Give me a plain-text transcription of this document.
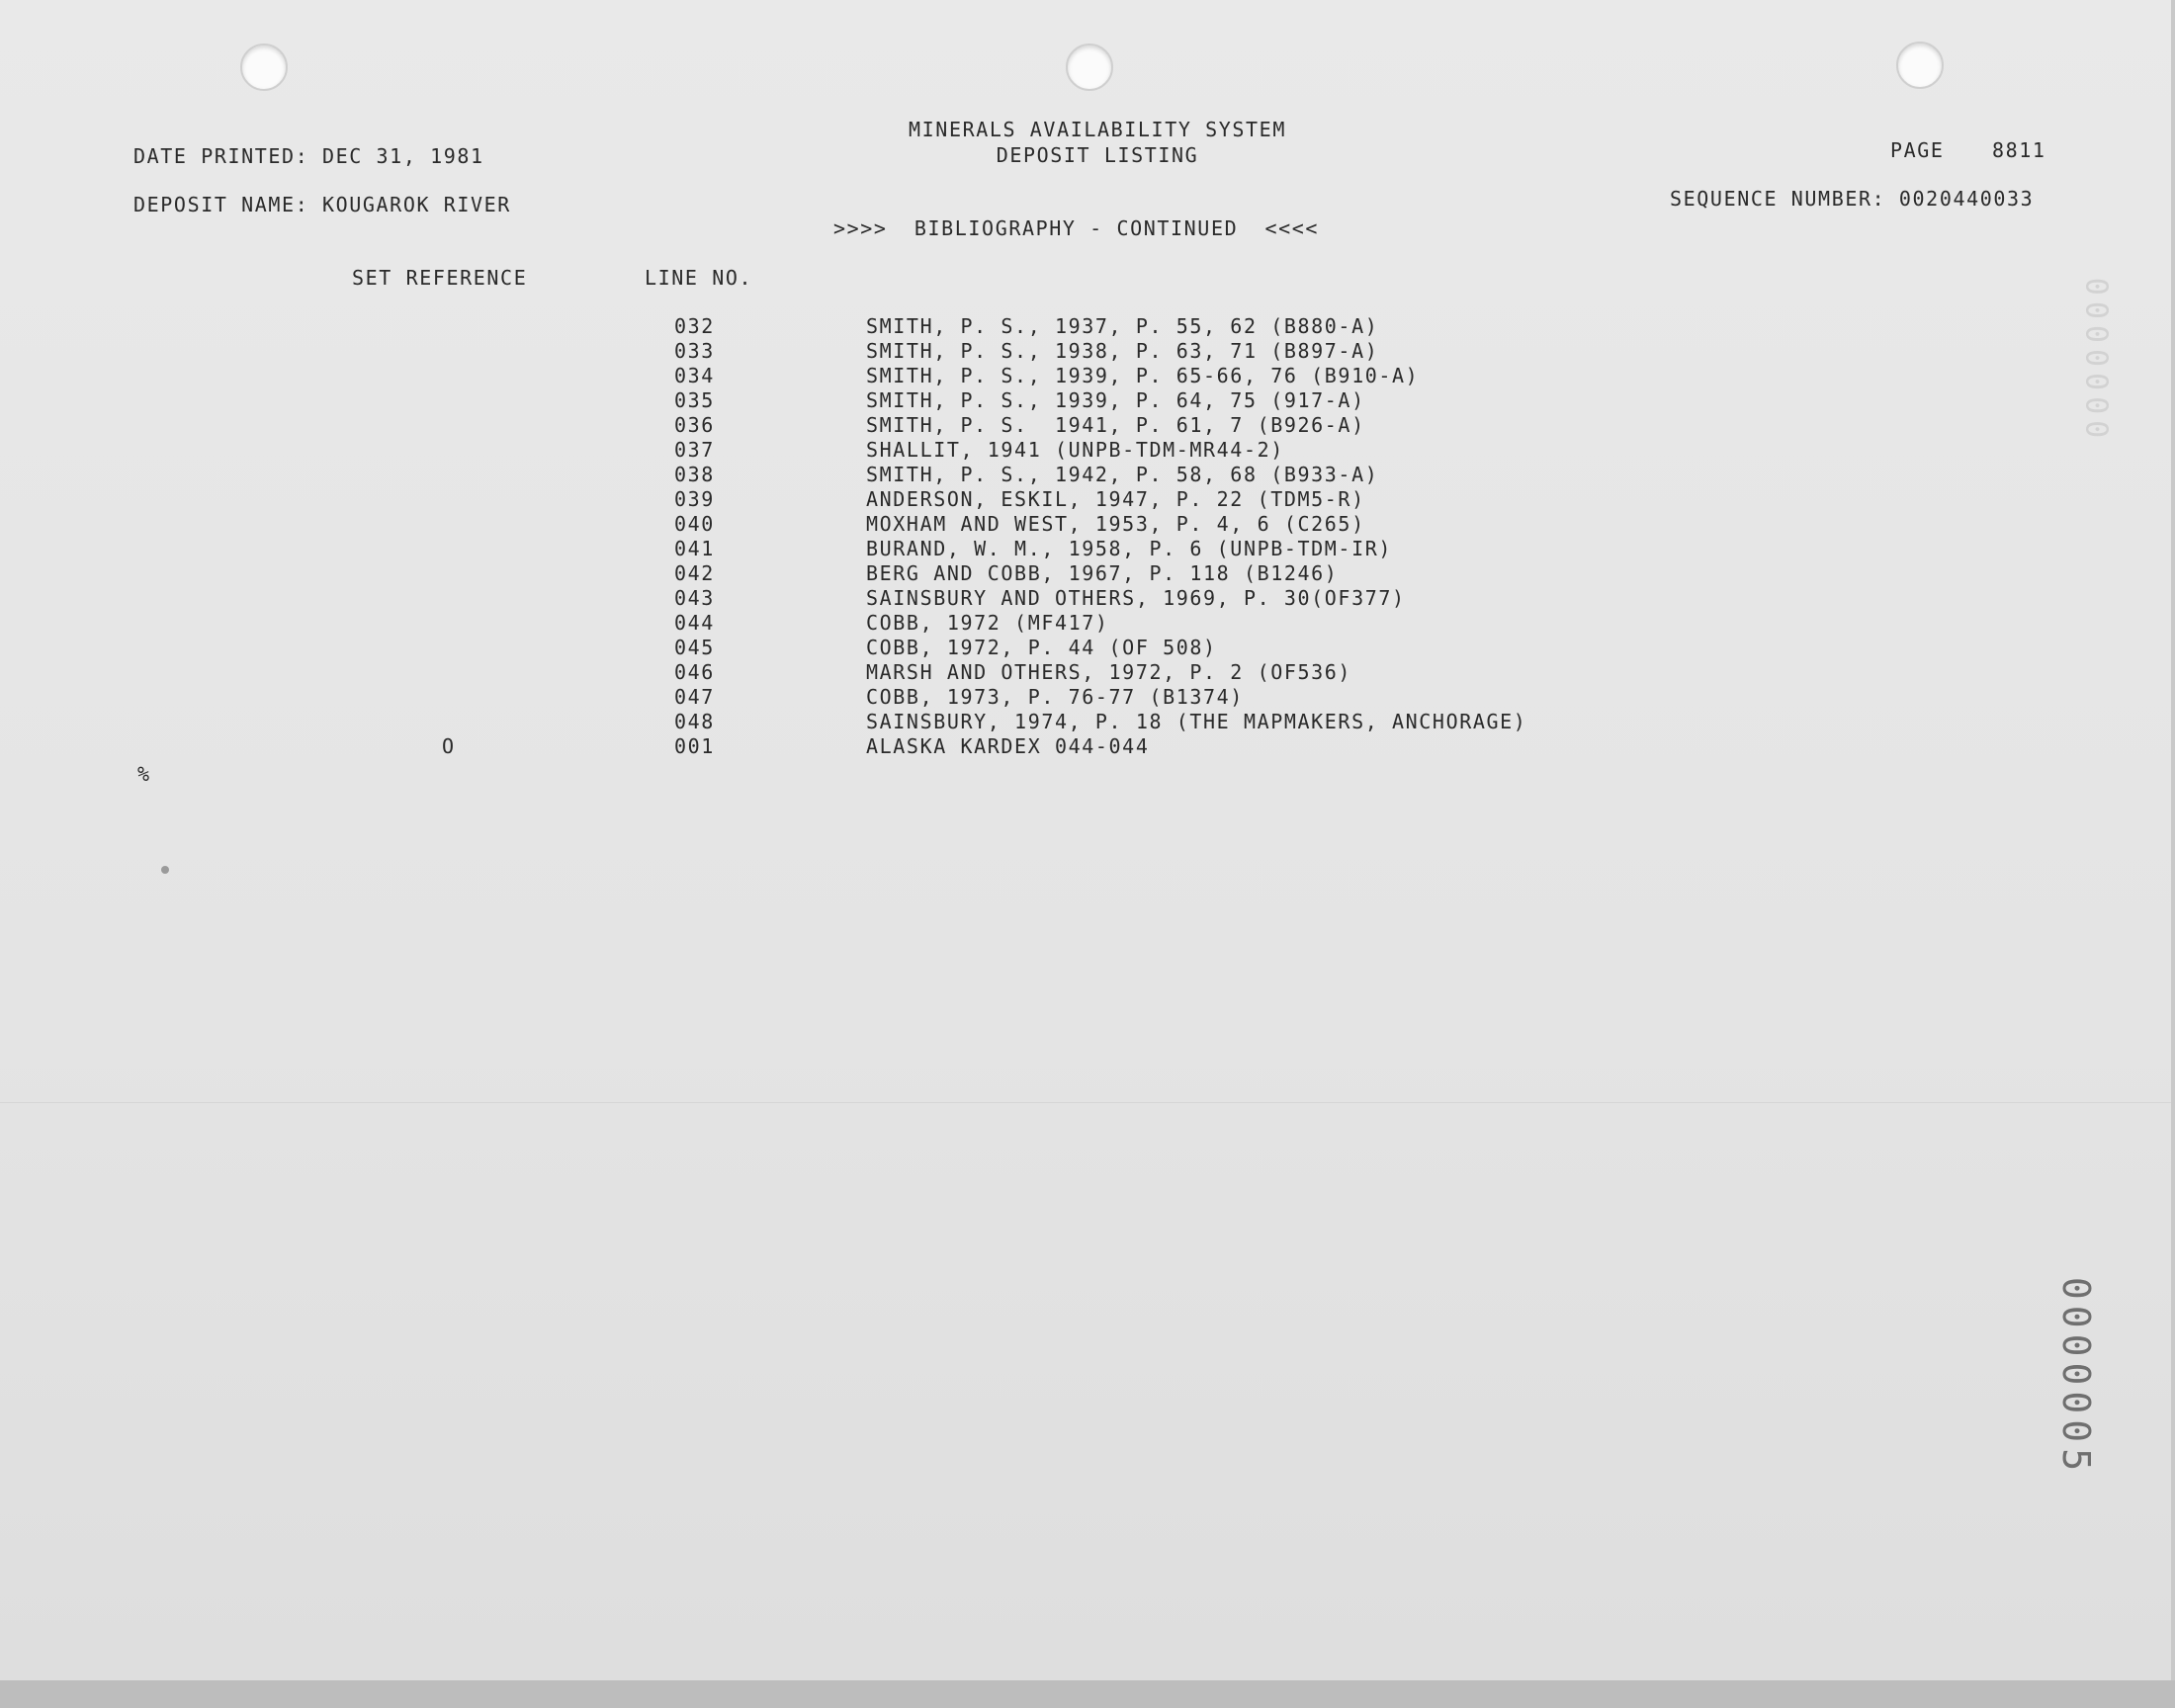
MINERALS AVAILABILITY SYSTEM
DEPOSIT LISTING
DATE PRINTED: DEC 31, 1981	PAGE 8811
DEPOSIT NAME: KOUGAROK RIVER	SEQUENCE NUMBER: 0020440033
>>>>  BIBLIOGRAPHY - CONTINUED  <<<<
SET REFERENCE	LINE NO.
032	SMITH, P. S., 1937, P. 55, 62 (B880-A)
033	SMITH, P. S., 1938, P. 63, 71 (B897-A)
034	SMITH, P. S., 1939, P. 65-66, 76 (B910-A)
035	SMITH, P. S., 1939, P. 64, 75 (917-A)
036	SMITH, P. S.  1941, P. 61, 7 (B926-A)
037	SHALLIT, 1941 (UNPB-TDM-MR44-2)
038	SMITH, P. S., 1942, P. 58, 68 (B933-A)
039	ANDERSON, ESKIL, 1947, P. 22 (TDM5-R)
040	MOXHAM AND WEST, 1953, P. 4, 6 (C265)
041	BURAND, W. M., 1958, P. 6 (UNPB-TDM-IR)
042	BERG AND COBB, 1967, P. 118 (B1246)
043	SAINSBURY AND OTHERS, 1969, P. 30(OF377)
044	COBB, 1972 (MF417)
045	COBB, 1972, P. 44 (OF 508)
046	MARSH AND OTHERS, 1972, P. 2 (OF536)
047	COBB, 1973, P. 76-77 (B1374)
048	SAINSBURY, 1974, P. 18 (THE MAPMAKERS, ANCHORAGE)
O	001	ALASKA KARDEX 044-044
%
0000000
0000005
